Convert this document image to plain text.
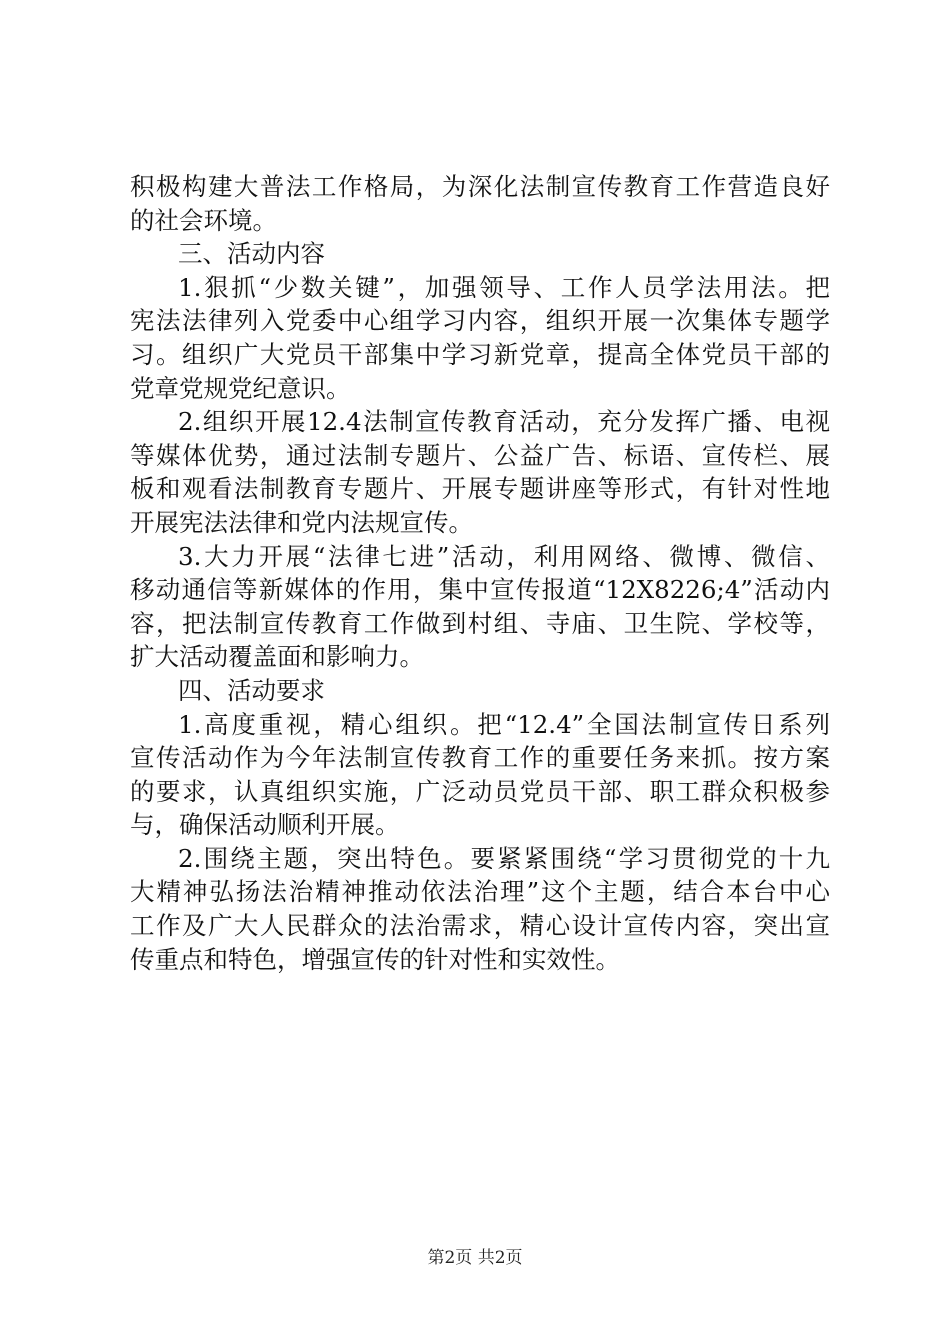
积极构建大普法工作格局，为深化法制宣传教育工作营造良好
的社会环境。
三、活动内容
1.狠抓“少数关键”，加强领导、工作人员学法用法。把
宪法法律列入党委中心组学习内容，组织开展一次集体专题学
习。组织广大党员干部集中学习新党章，提高全体党员干部的
党章党规党纪意识。
2.组织开展12.4法制宣传教育活动，充分发挥广播、电视
等媒体优势，通过法制专题片、公益广告、标语、宣传栏、展
板和观看法制教育专题片、开展专题讲座等形式，有针对性地
开展宪法法律和党内法规宣传。
3.大力开展“法律七进”活动，利用网络、微博、微信、
移动通信等新媒体的作用，集中宣传报道“12X8226;4”活动内
容，把法制宣传教育工作做到村组、寺庙、卫生院、学校等，
扩大活动覆盖面和影响力。
四、活动要求
1.高度重视，精心组织。把“12.4”全国法制宣传日系列
宣传活动作为今年法制宣传教育工作的重要任务来抓。按方案
的要求，认真组织实施，广泛动员党员干部、职工群众积极参
与，确保活动顺利开展。
2.围绕主题，突出特色。要紧紧围绕“学习贯彻党的十九
大精神弘扬法治精神推动依法治理”这个主题，结合本台中心
工作及广大人民群众的法治需求，精心设计宣传内容，突出宣
传重点和特色，增强宣传的针对性和实效性。
第2页 共2页
